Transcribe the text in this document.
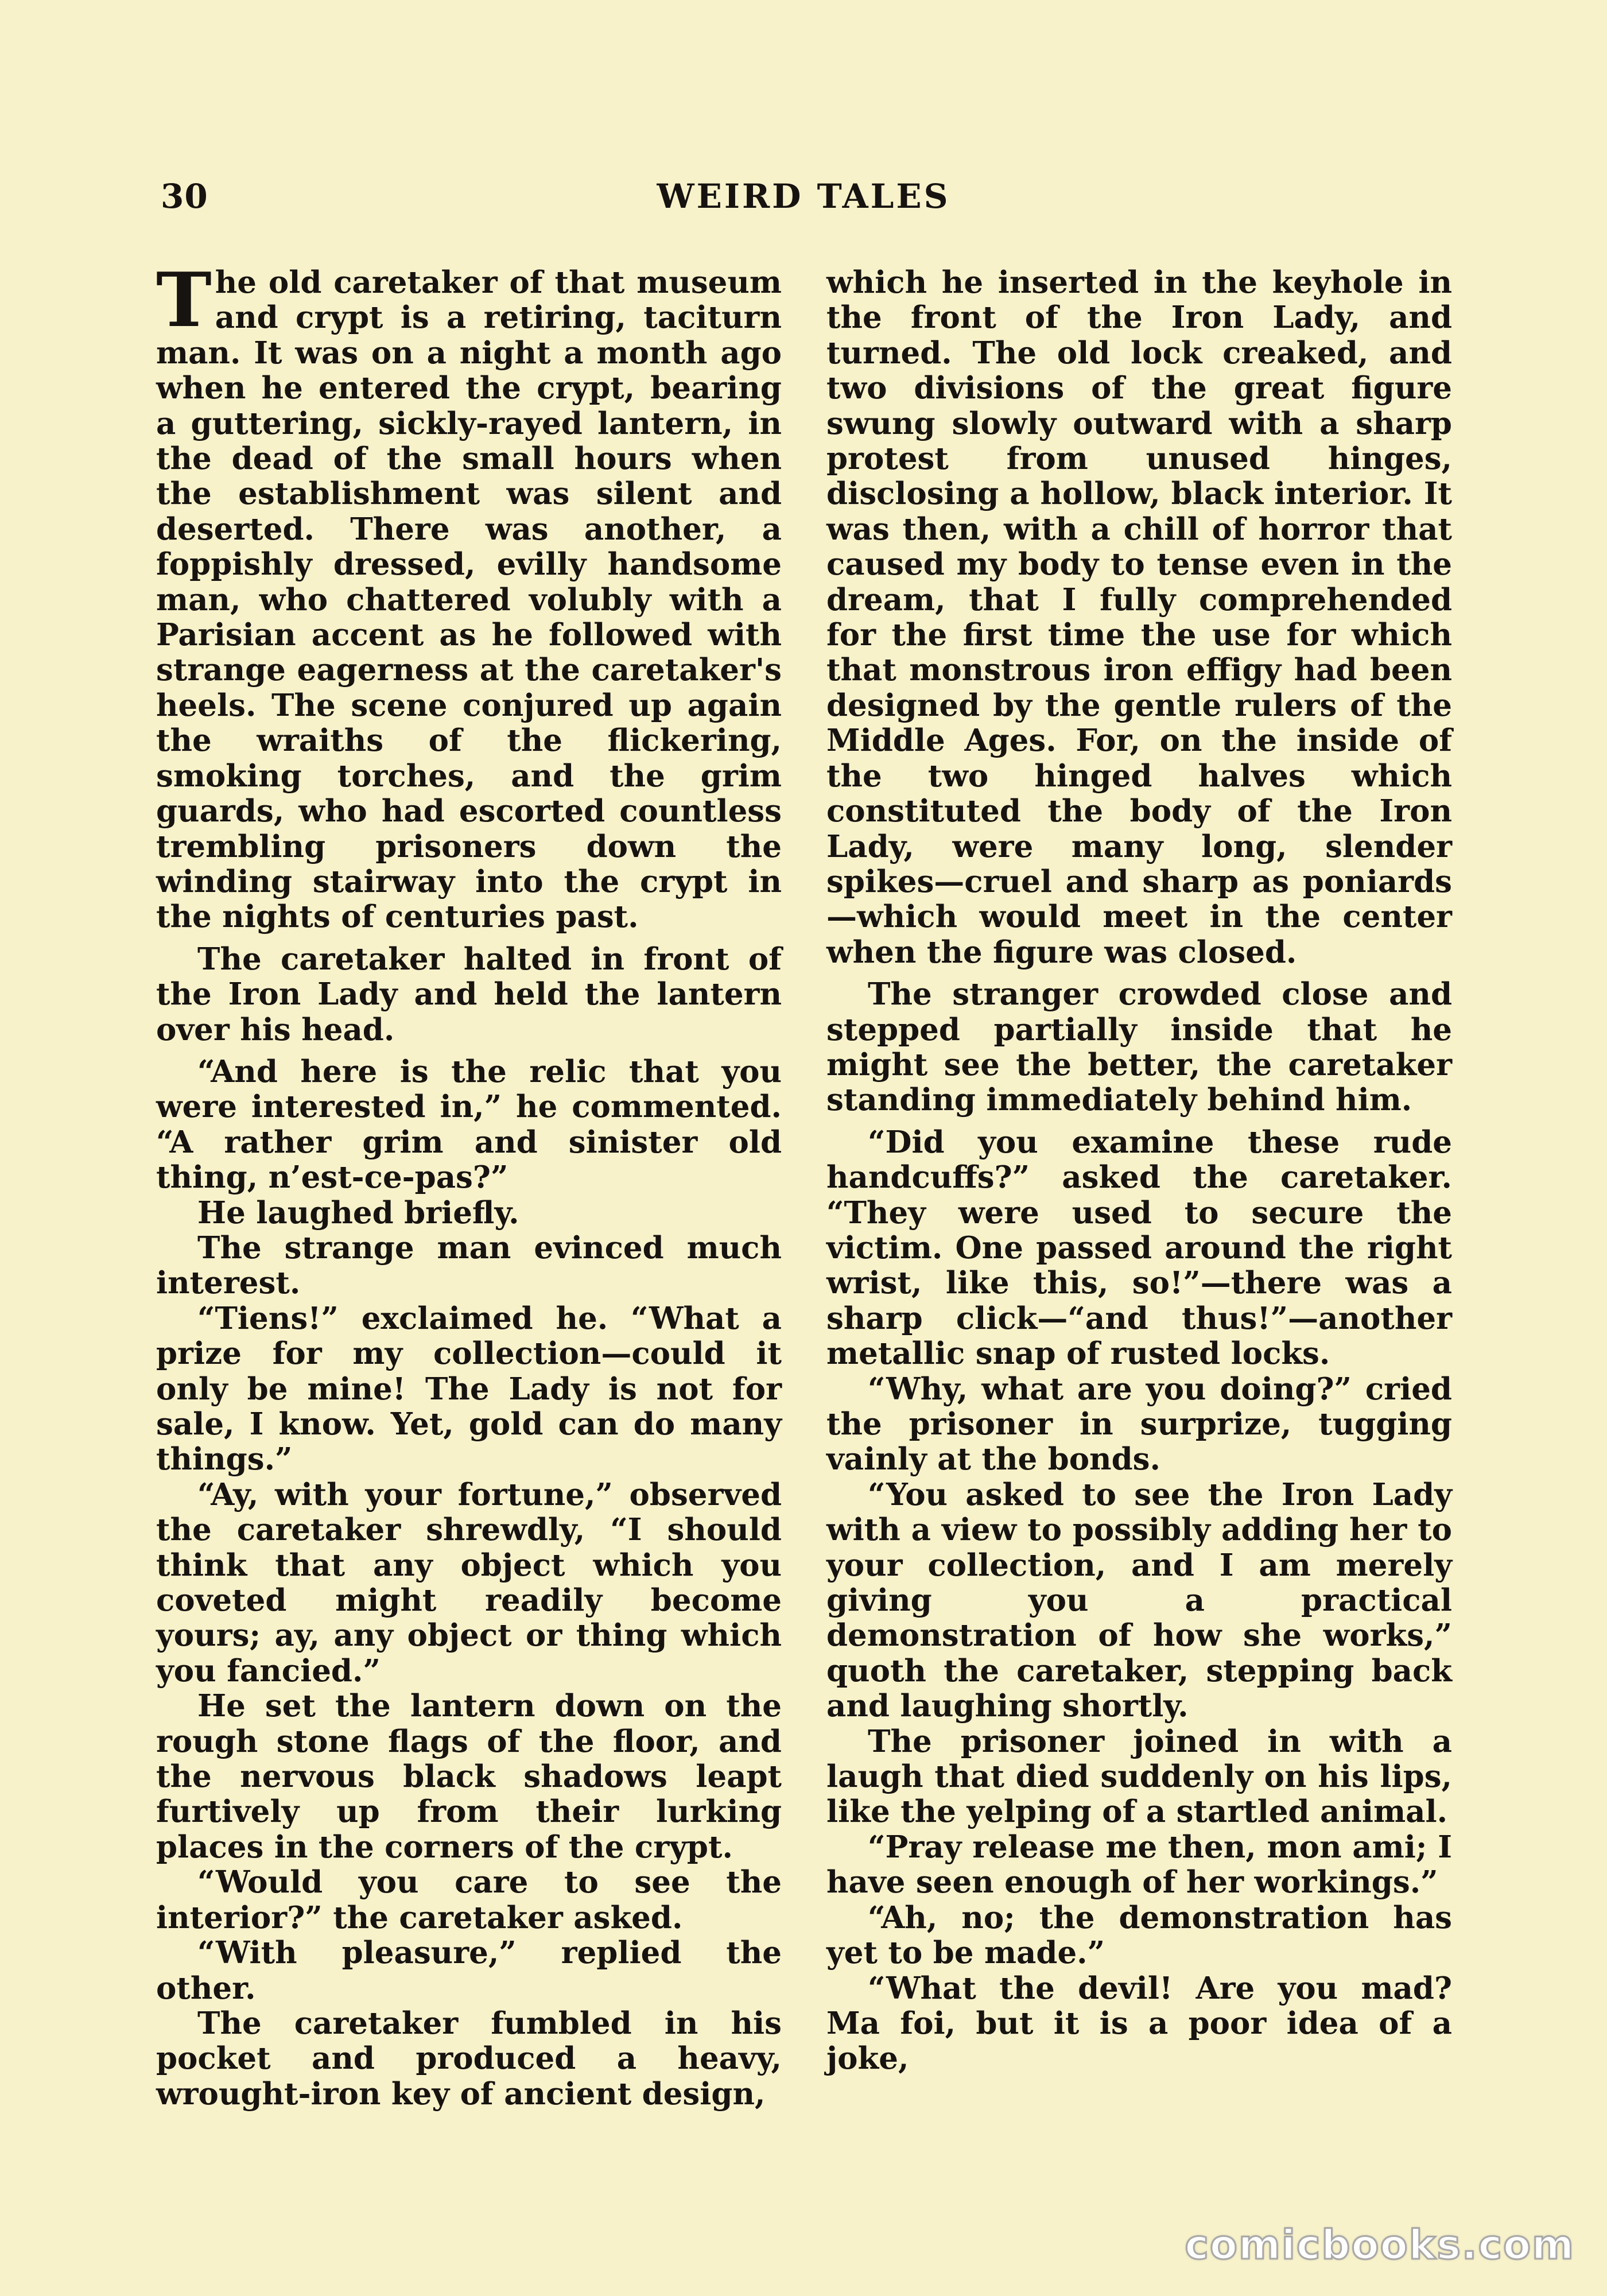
30	WEIRD TALES

The old caretaker of that museum and crypt is a retiring, taciturn man. It was on a night a month ago when he entered the crypt, bearing a guttering, sickly-rayed lantern, in the dead of the small hours when the establishment was silent and deserted. There was another, a foppishly dressed, evilly handsome man, who chattered volubly with a Parisian accent as he followed with strange eagerness at the caretaker's heels. The scene conjured up again the wraiths of the flickering, smoking torches, and the grim guards, who had escorted countless trembling prisoners down the winding stairway into the crypt in the nights of centuries past.

The caretaker halted in front of the Iron Lady and held the lantern over his head.

“And here is the relic that you were interested in,” he commented. “A rather grim and sinister old thing, n’est-ce-pas?”

He laughed briefly.

The strange man evinced much interest.

“Tiens!” exclaimed he. “What a prize for my collection—could it only be mine! The Lady is not for sale, I know. Yet, gold can do many things.”

“Ay, with your fortune,” observed the caretaker shrewdly, “I should think that any object which you coveted might readily become yours; ay, any object or thing which you fancied.”

He set the lantern down on the rough stone flags of the floor, and the nervous black shadows leapt furtively up from their lurking places in the corners of the crypt.

“Would you care to see the interior?” the caretaker asked.

“With pleasure,” replied the other.

The caretaker fumbled in his pocket and produced a heavy, wrought-iron key of ancient design,

which he inserted in the keyhole in the front of the Iron Lady, and turned. The old lock creaked, and two divisions of the great figure swung slowly outward with a sharp protest from unused hinges, disclosing a hollow, black interior. It was then, with a chill of horror that caused my body to tense even in the dream, that I fully comprehended for the first time the use for which that monstrous iron effigy had been designed by the gentle rulers of the Middle Ages. For, on the inside of the two hinged halves which constituted the body of the Iron Lady, were many long, slender spikes—cruel and sharp as poniards—which would meet in the center when the figure was closed.

The stranger crowded close and stepped partially inside that he might see the better, the caretaker standing immediately behind him.

“Did you examine these rude handcuffs?” asked the caretaker. “They were used to secure the victim. One passed around the right wrist, like this, so!”—there was a sharp click—“and thus!”—another metallic snap of rusted locks.

“Why, what are you doing?” cried the prisoner in surprize, tugging vainly at the bonds.

“You asked to see the Iron Lady with a view to possibly adding her to your collection, and I am merely giving you a practical demonstration of how she works,” quoth the caretaker, stepping back and laughing shortly.

The prisoner joined in with a laugh that died suddenly on his lips, like the yelping of a startled animal.

“Pray release me then, mon ami; I have seen enough of her workings.”

“Ah, no; the demonstration has yet to be made.”

“What the devil! Are you mad? Ma foi, but it is a poor idea of a joke,

comicbooks.com
